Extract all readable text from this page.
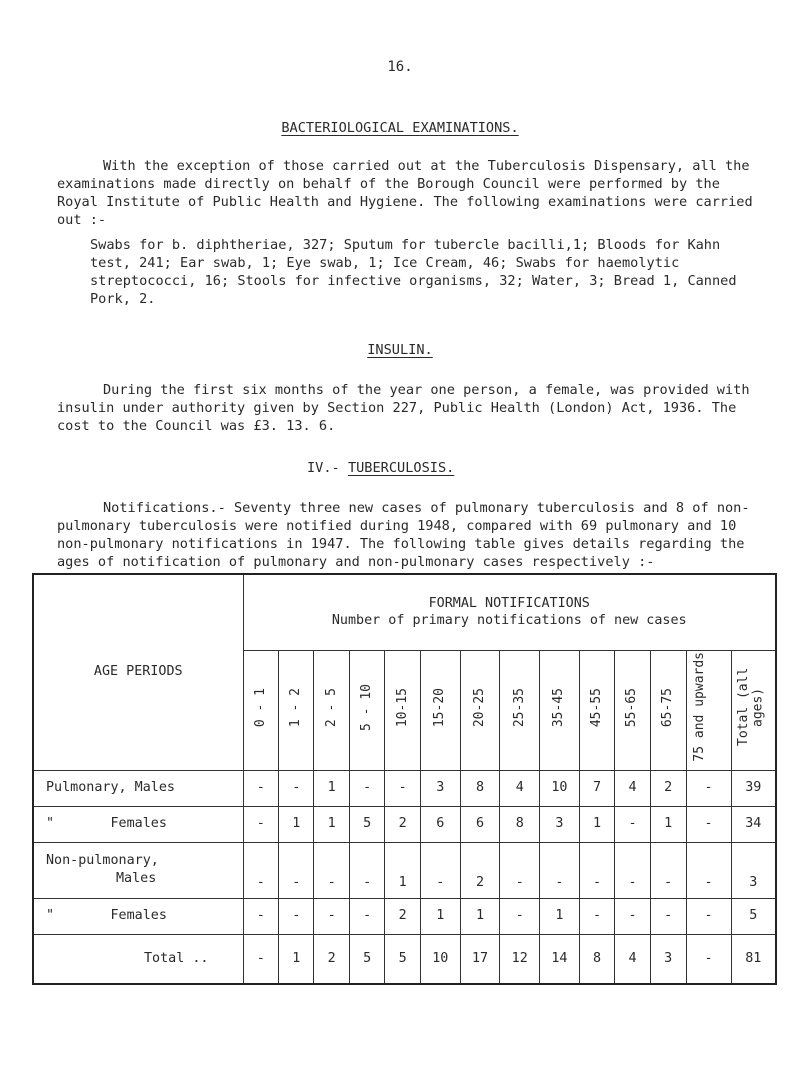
16.
BACTERIOLOGICAL EXAMINATIONS.

With the exception of those carried out at the Tuberculosis Dispensary, all the examinations made directly on behalf of the Borough Council were performed by the Royal Institute of Public Health and Hygiene. The following examinations were carried out :-

Swabs for b. diphtheriae, 327; Sputum for tubercle bacilli,1; Bloods for Kahn test, 241; Ear swab, 1; Eye swab, 1; Ice Cream, 46; Swabs for haemolytic streptococci, 16; Stools for infective organisms, 32; Water, 3; Bread 1, Canned Pork, 2.

INSULIN.

During the first six months of the year one person, a female, was provided with insulin under authority given by Section 227, Public Health (London) Act, 1936. The cost to the Council was £3. 13. 6.

IV.- TUBERCULOSIS.

Notifications.- Seventy three new cases of pulmonary tuberculosis and 8 of non-pulmonary tuberculosis were notified during 1948, compared with 69 pulmonary and 10 non-pulmonary notifications in 1947. The following table gives details regarding the ages of notification of pulmonary and non-pulmonary cases respectively :-

AGE PERIODS	FORMAL NOTIFICATIONS
Number of primary notifications of new cases													

	0 - 1	1 - 2	2 - 5	5 - 10	10-15	15-20	20-25	25-35	35-45	45-55	55-65	65-75	75 and upwards	Total (all ages)
Pulmonary, Males	-	-	1	-	-	3	8	4	10	7	4	2	-	39
"       Females	-	1	1	5	2	6	6	8	3	1	-	1	-	34

Non-pulmonary,
Males	-	-	-	-	1	-	2	-	-	-	-	-	-	3
"       Females	-	-	-	-	2	1	1	-	1	-	-	-	-	5
Total ..	-	1	2	5	5	10	17	12	14	8	4	3	-	81
